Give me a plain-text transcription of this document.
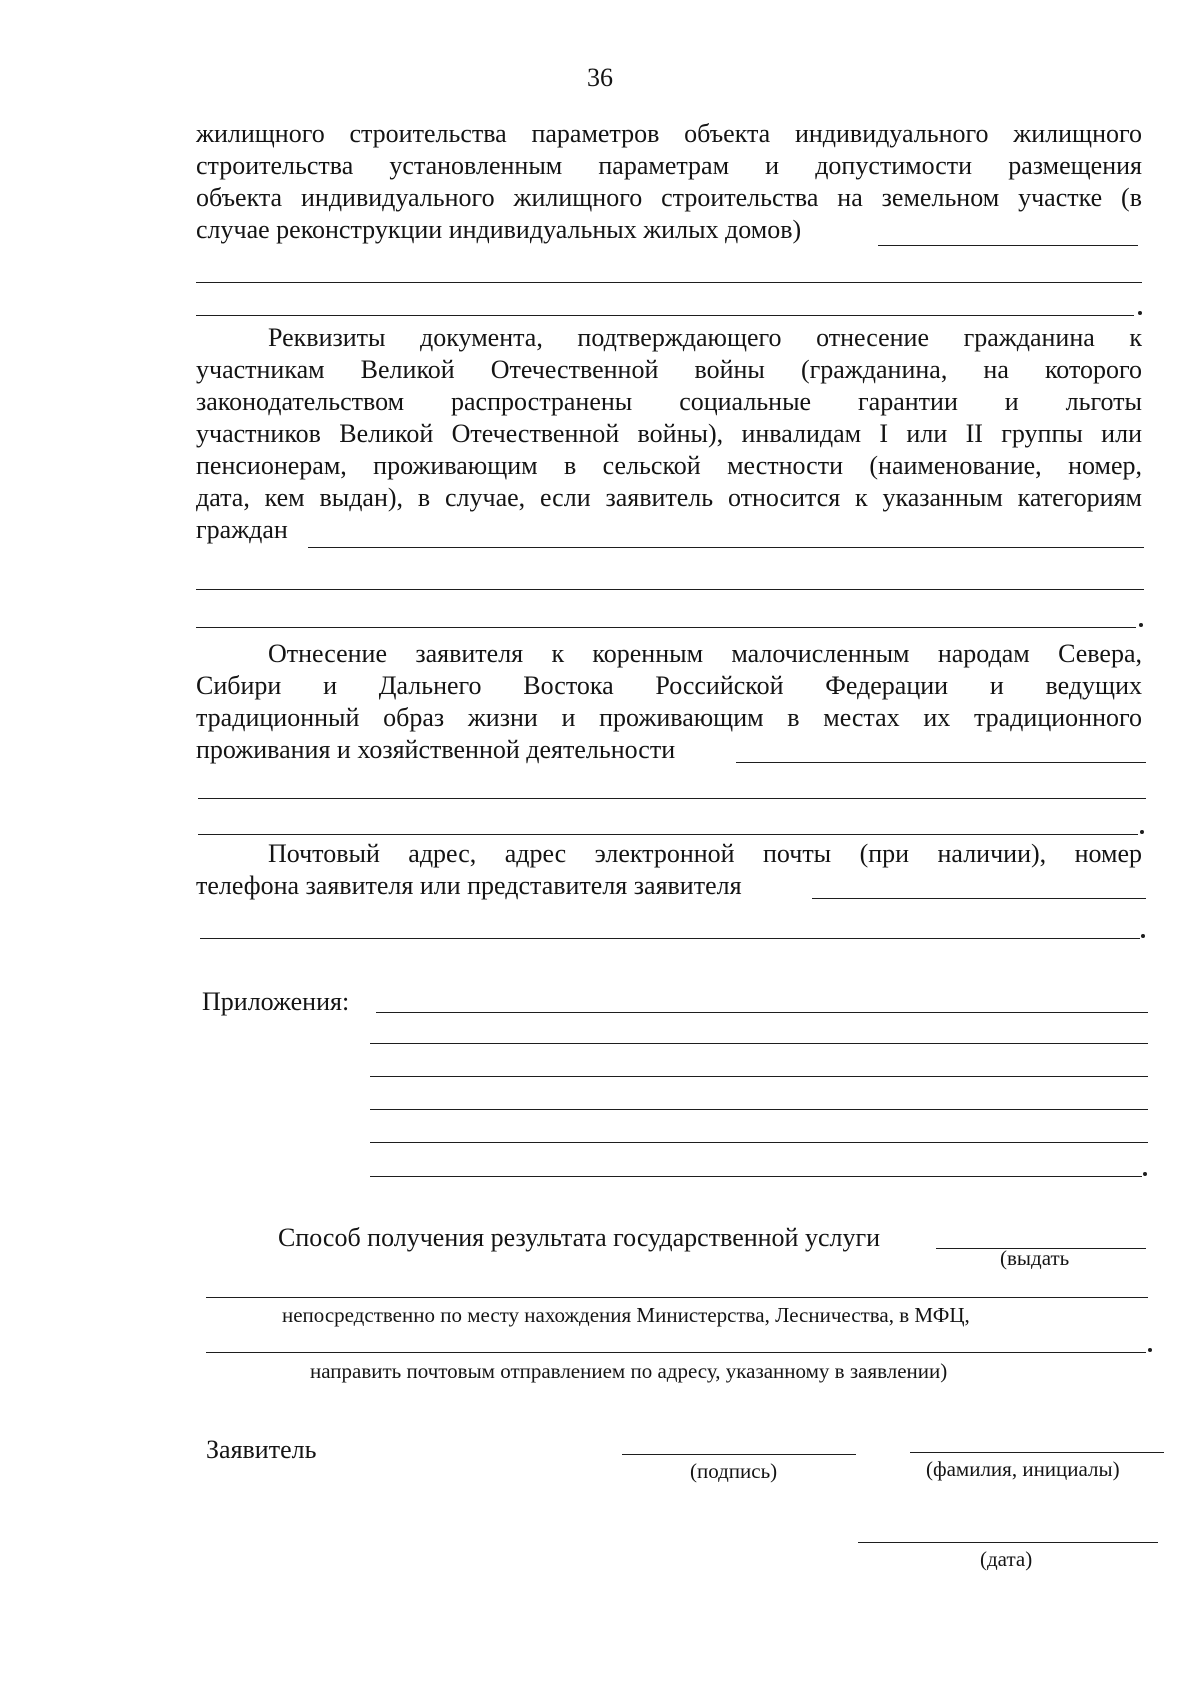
36
жилищного строительства параметров объекта индивидуального жилищного
строительства установленным параметрам и допустимости размещения
объекта индивидуального жилищного строительства на земельном участке (в
случае реконструкции индивидуальных жилых домов)
Реквизиты документа, подтверждающего отнесение гражданина к
участникам Великой Отечественной войны (гражданина, на которого
законодательством распространены социальные гарантии и льготы
участников Великой Отечественной войны), инвалидам I или II группы или
пенсионерам, проживающим в сельской местности (наименование, номер,
дата, кем выдан), в случае, если заявитель относится к указанным категориям
граждан
Отнесение заявителя к коренным малочисленным народам Севера,
Сибири и Дальнего Востока Российской Федерации и ведущих
традиционный образ жизни и проживающим в местах их традиционного
проживания и хозяйственной деятельности
Почтовый адрес, адрес электронной почты (при наличии), номер
телефона заявителя или представителя заявителя
Приложения:
Способ получения результата государственной услуги
(выдать
непосредственно по месту нахождения Министерства, Лесничества, в МФЦ,
направить почтовым отправлением по адресу, указанному в заявлении)
Заявитель
(подпись)	(фамилия, инициалы)
(дата)
